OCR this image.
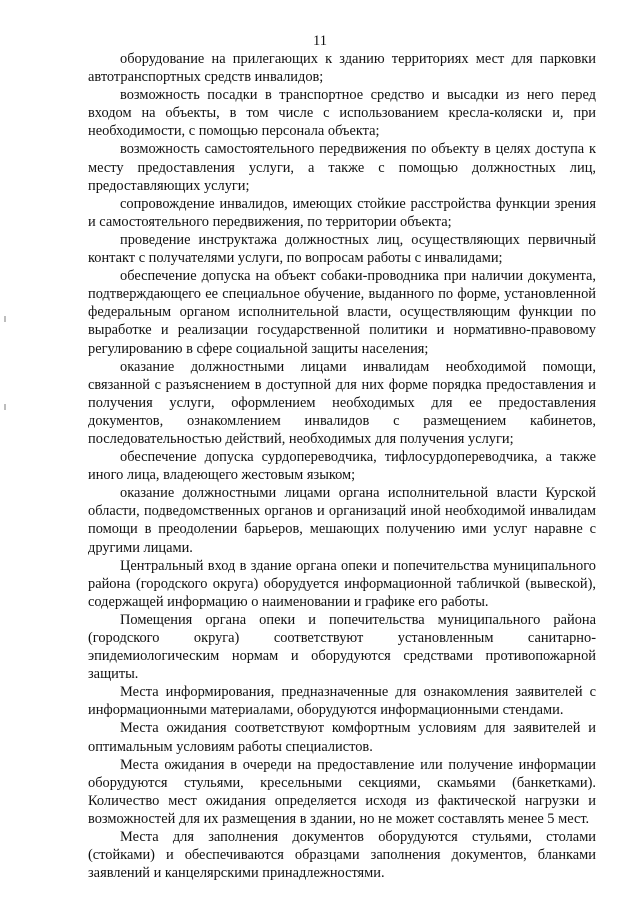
11

оборудование на прилегающих к зданию территориях мест для парковки автотранспортных средств инвалидов;

возможность посадки в транспортное средство и высадки из него перед входом на объекты, в том числе с использованием кресла-коляски и, при необходимости, с помощью персонала объекта;

возможность самостоятельного передвижения по объекту в целях доступа к месту предоставления услуги, а также с помощью должностных лиц, предоставляющих услуги;

сопровождение инвалидов, имеющих стойкие расстройства функции зрения и самостоятельного передвижения, по территории объекта;

проведение инструктажа должностных лиц, осуществляющих первичный контакт с получателями услуги, по вопросам работы с инвалидами;

обеспечение допуска на объект собаки-проводника при наличии документа, подтверждающего ее специальное обучение, выданного по форме, установленной федеральным органом исполнительной власти, осуществляющим функции по выработке и реализации государственной политики и нормативно-правовому регулированию в сфере социальной защиты населения;

оказание должностными лицами инвалидам необходимой помощи, связанной с разъяснением в доступной для них форме порядка предоставления и получения услуги, оформлением необходимых для ее предоставления документов, ознакомлением инвалидов с размещением кабинетов, последовательностью действий, необходимых для получения услуги;

обеспечение допуска сурдопереводчика, тифлосурдопереводчика, а также иного лица, владеющего жестовым языком;

оказание должностными лицами органа исполнительной власти Курской области, подведомственных органов и организаций иной необходимой инвалидам помощи в преодолении барьеров, мешающих получению ими услуг наравне с другими лицами.

Центральный вход в здание органа опеки и попечительства муниципального района (городского округа) оборудуется информационной табличкой (вывеской), содержащей информацию о наименовании и графике его работы.

Помещения органа опеки и попечительства муниципального района (городского округа) соответствуют установленным санитарно-эпидемиологическим нормам и оборудуются средствами противопожарной защиты.

Места информирования, предназначенные для ознакомления заявителей с информационными материалами, оборудуются информационными стендами.

Места ожидания соответствуют комфортным условиям для заявителей и оптимальным условиям работы специалистов.

Места ожидания в очереди на предоставление или получение информации оборудуются стульями, кресельными секциями, скамьями (банкетками). Количество мест ожидания определяется исходя из фактической нагрузки и возможностей для их размещения в здании, но не может составлять менее 5 мест.

Места для заполнения документов оборудуются стульями, столами (стойками) и обеспечиваются образцами заполнения документов, бланками заявлений и канцелярскими принадлежностями.
